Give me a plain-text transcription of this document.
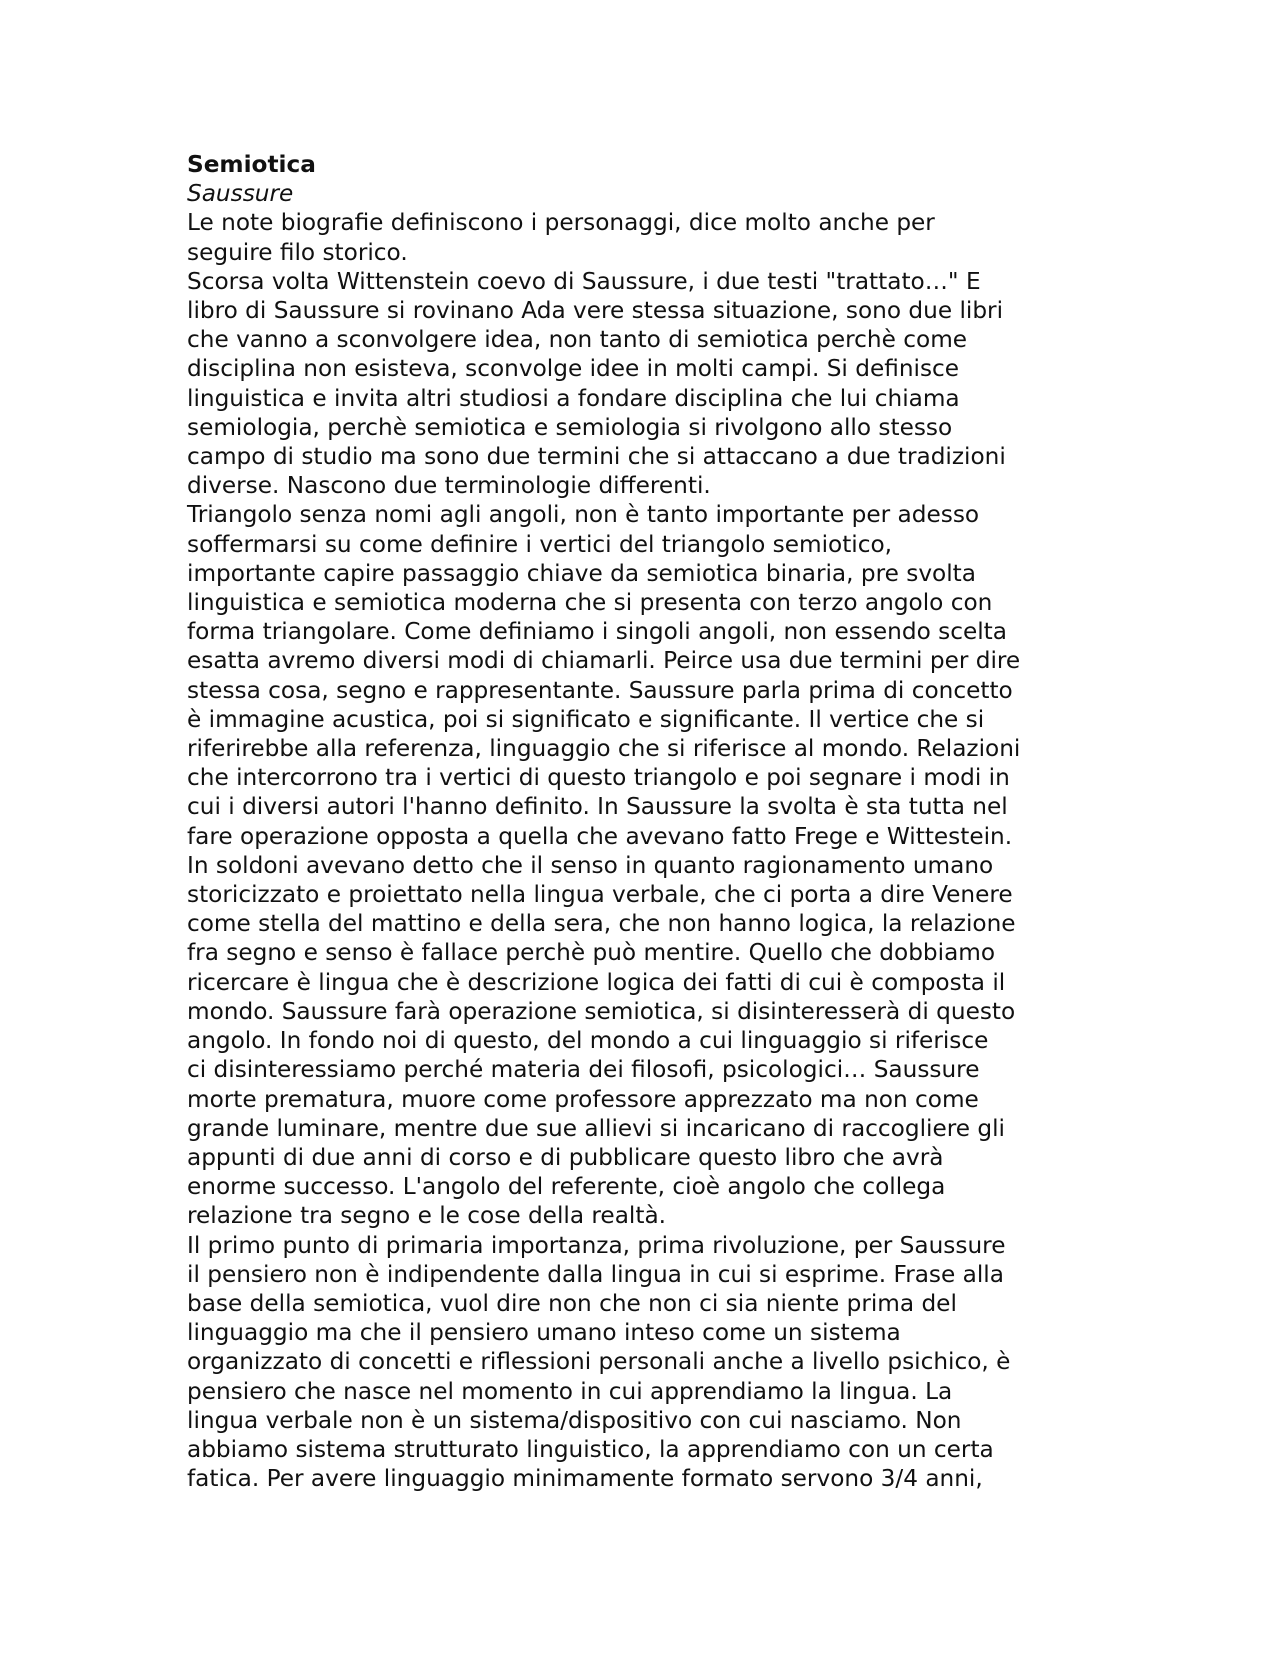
Semiotica
Saussure

Le note biografie definiscono i personaggi, dice molto anche per
seguire filo storico.

Scorsa volta Wittenstein coevo di Saussure, i due testi "trattato…" E
libro di Saussure si rovinano Ada vere stessa situazione, sono due libri
che vanno a sconvolgere idea, non tanto di semiotica perchè come
disciplina non esisteva, sconvolge idee in molti campi. Si definisce
linguistica e invita altri studiosi a fondare disciplina che lui chiama
semiologia, perchè semiotica e semiologia si rivolgono allo stesso
campo di studio ma sono due termini che si attaccano a due tradizioni
diverse. Nascono due terminologie differenti.

Triangolo senza nomi agli angoli, non è tanto importante per adesso
soffermarsi su come definire i vertici del triangolo semiotico,
importante capire passaggio chiave da semiotica binaria, pre svolta
linguistica e semiotica moderna che si presenta con terzo angolo con
forma triangolare. Come definiamo i singoli angoli, non essendo scelta
esatta avremo diversi modi di chiamarli. Peirce usa due termini per dire
stessa cosa, segno e rappresentante. Saussure parla prima di concetto
è immagine acustica, poi si significato e significante. Il vertice che si
riferirebbe alla referenza, linguaggio che si riferisce al mondo. Relazioni
che intercorrono tra i vertici di questo triangolo e poi segnare i modi in
cui i diversi autori l'hanno definito. In Saussure la svolta è sta tutta nel
fare operazione opposta a quella che avevano fatto Frege e Wittestein.
In soldoni avevano detto che il senso in quanto ragionamento umano
storicizzato e proiettato nella lingua verbale, che ci porta a dire Venere
come stella del mattino e della sera, che non hanno logica, la relazione
fra segno e senso è fallace perchè può mentire. Quello che dobbiamo
ricercare è lingua che è descrizione logica dei fatti di cui è composta il
mondo. Saussure farà operazione semiotica, si disinteresserà di questo
angolo. In fondo noi di questo, del mondo a cui linguaggio si riferisce
ci disinteressiamo perché materia dei filosofi, psicologici… Saussure
morte prematura, muore come professore apprezzato ma non come
grande luminare, mentre due sue allievi si incaricano di raccogliere gli
appunti di due anni di corso e di pubblicare questo libro che avrà
enorme successo. L'angolo del referente, cioè angolo che collega
relazione tra segno e le cose della realtà.

Il primo punto di primaria importanza, prima rivoluzione, per Saussure
il pensiero non è indipendente dalla lingua in cui si esprime. Frase alla
base della semiotica, vuol dire non che non ci sia niente prima del
linguaggio ma che il pensiero umano inteso come un sistema
organizzato di concetti e riflessioni personali anche a livello psichico, è
pensiero che nasce nel momento in cui apprendiamo la lingua. La
lingua verbale non è un sistema/dispositivo con cui nasciamo. Non
abbiamo sistema strutturato linguistico, la apprendiamo con un certa
fatica. Per avere linguaggio minimamente formato servono 3/4 anni,
